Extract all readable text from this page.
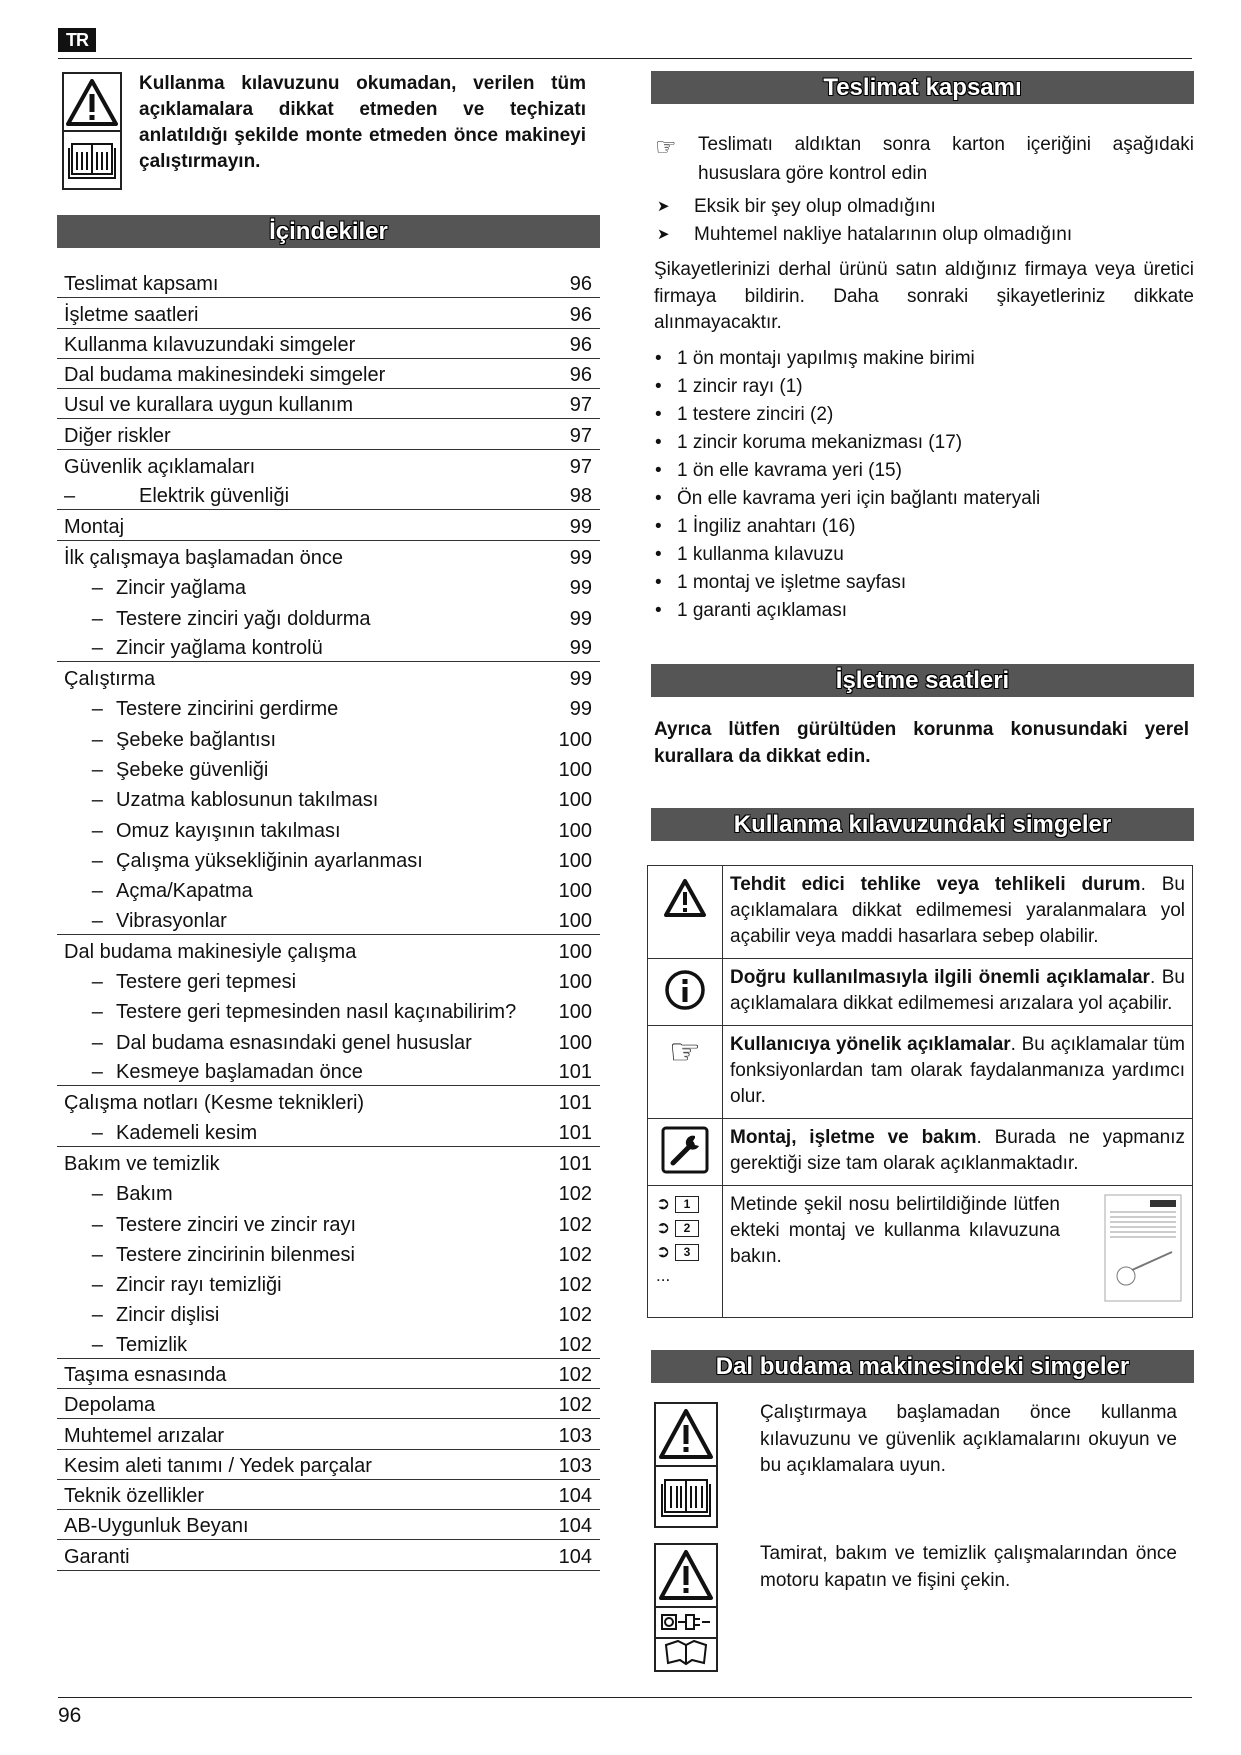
TR
Kullanma kılavuzunu okumadan, verilen tüm açıklamalara dikkat etmeden ve teçhizatı anlatıldığı şekilde monte etmeden önce makineyi çalıştırmayın.
İçindekiler
Teslimat kapsamı	96
İşletme saatleri	96
Kullanma kılavuzundaki simgeler	96
Dal budama makinesindeki simgeler	96
Usul ve kurallara uygun kullanım	97
Diğer riskler	97
Güvenlik açıklamaları	97
–	Elektrik güvenliği	98
Montaj	99
İlk çalışmaya başlamadan önce	99
– Zincir yağlama	99
– Testere zinciri yağı doldurma	99
– Zincir yağlama kontrolü	99
Çalıştırma	99
– Testere zincirini gerdirme	99
– Şebeke bağlantısı	100
– Şebeke güvenliği	100
– Uzatma kablosunun takılması	100
– Omuz kayışının takılması	100
– Çalışma yüksekliğinin ayarlanması	100
– Açma/Kapatma	100
– Vibrasyonlar	100
Dal budama makinesiyle çalışma	100
– Testere geri tepmesi	100
– Testere geri tepmesinden nasıl kaçınabilirim?	100
– Dal budama esnasındaki genel hususlar	100
– Kesmeye başlamadan önce	101
Çalışma notları (Kesme teknikleri)	101
– Kademeli kesim	101
Bakım ve temizlik	101
– Bakım	102
– Testere zinciri ve zincir rayı	102
– Testere zincirinin bilenmesi	102
– Zincir rayı temizliği	102
– Zincir dişlisi	102
– Temizlik	102
Taşıma esnasında	102
Depolama	102
Muhtemel arızalar	103
Kesim aleti tanımı / Yedek parçalar	103
Teknik özellikler	104
AB-Uygunluk Beyanı	104
Garanti	104
Teslimat kapsamı
☞ Teslimatı aldıktan sonra karton içeriğini aşağıdaki hususlara göre kontrol edin
➤ Eksik bir şey olup olmadığını
➤ Muhtemel nakliye hatalarının olup olmadığını
Şikayetlerinizi derhal ürünü satın aldığınız firmaya veya üretici firmaya bildirin. Daha sonraki şikayetleriniz dikkate alınmayacaktır.
• 1 ön montajı yapılmış makine birimi
• 1 zincir rayı (1)
• 1 testere zinciri (2)
• 1 zincir koruma mekanizması (17)
• 1 ön elle kavrama yeri (15)
• Ön elle kavrama yeri için bağlantı materyali
• 1 İngiliz anahtarı (16)
• 1 kullanma kılavuzu
• 1 montaj ve işletme sayfası
• 1 garanti açıklaması
İşletme saatleri
Ayrıca lütfen gürültüden korunma konusundaki yerel kurallara da dikkat edin.
Kullanma kılavuzundaki simgeler
	Tehdit edici tehlike veya tehlikeli durum. Bu açıklamalara dikkat edilmemesi yaralanmalara yol açabilir veya maddi hasarlara sebep olabilir.
	Doğru kullanılmasıyla ilgili önemli açıklamalar. Bu açıklamalara dikkat edilmemesi arızalara yol açabilir.

☞	Kullanıcıya yönelik açıklamalar. Bu açıklamalar tüm fonksiyonlardan tam olarak faydalanmanıza yardımcı olur.
	Montaj, işletme ve bakım. Burada ne yapmanız gerektiği size tam olarak açıklanmaktadır.

➲ 1
➲ 2
➲ 3
...	Metinde şekil nosu belirtildiğinde lütfen ekteki montaj ve kullanma kılavuzuna bakın.
Dal budama makinesindeki simgeler
Çalıştırmaya başlamadan önce kullanma kılavuzunu ve güvenlik açıklamalarını okuyun ve bu açıklamalara uyun.
Tamirat, bakım ve temizlik çalışmalarından önce motoru kapatın ve fişini çekin.
96
